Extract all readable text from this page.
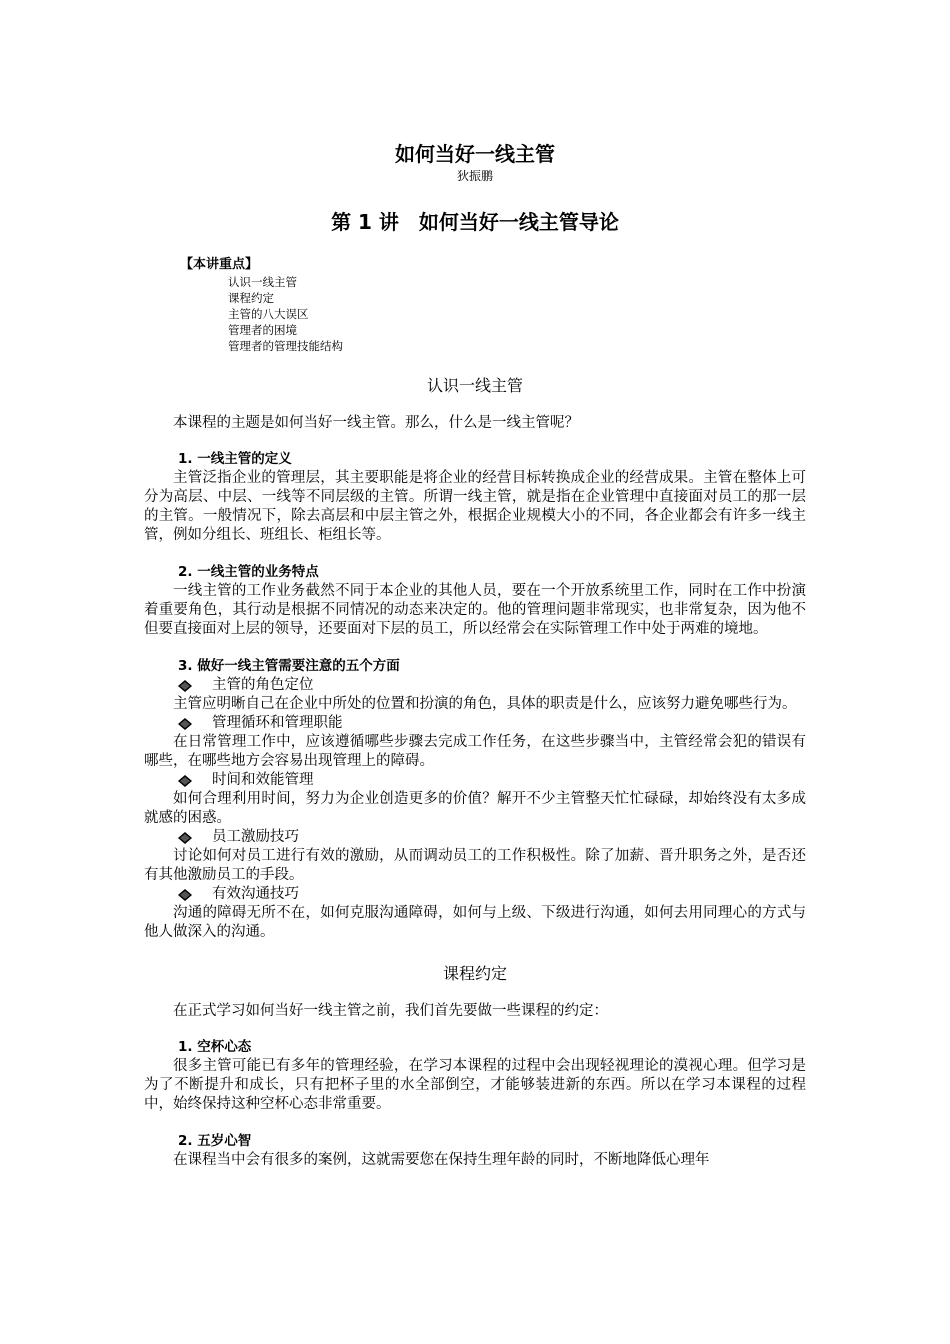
如何当好一线主管
狄振鹏
第 1 讲　如何当好一线主管导论
【本讲重点】
认识一线主管
课程约定
主管的八大误区
管理者的困境
管理者的管理技能结构
认识一线主管

本课程的主题是如何当好一线主管。那么，什么是一线主管呢？

1. 一线主管的定义

主管泛指企业的管理层，其主要职能是将企业的经营目标转换成企业的经营成果。主管在整体上可分为高层、中层、一线等不同层级的主管。所谓一线主管，就是指在企业管理中直接面对员工的那一层的主管。一般情况下，除去高层和中层主管之外，根据企业规模大小的不同，各企业都会有许多一线主管，例如分组长、班组长、柜组长等。

2. 一线主管的业务特点

一线主管的工作业务截然不同于本企业的其他人员，要在一个开放系统里工作，同时在工作中扮演着重要角色，其行动是根据不同情况的动态来决定的。他的管理问题非常现实，也非常复杂，因为他不但要直接面对上层的领导，还要面对下层的员工，所以经常会在实际管理工作中处于两难的境地。

3. 做好一线主管需要注意的五个方面
主管的角色定位

主管应明晰自己在企业中所处的位置和扮演的角色，具体的职责是什么，应该努力避免哪些行为。

管理循环和管理职能

在日常管理工作中，应该遵循哪些步骤去完成工作任务，在这些步骤当中，主管经常会犯的错误有哪些，在哪些地方会容易出现管理上的障碍。

时间和效能管理

如何合理利用时间，努力为企业创造更多的价值？解开不少主管整天忙忙碌碌，却始终没有太多成就感的困惑。

员工激励技巧

讨论如何对员工进行有效的激励，从而调动员工的工作积极性。除了加薪、晋升职务之外，是否还有其他激励员工的手段。

有效沟通技巧

沟通的障碍无所不在，如何克服沟通障碍，如何与上级、下级进行沟通，如何去用同理心的方式与他人做深入的沟通。

课程约定

在正式学习如何当好一线主管之前，我们首先要做一些课程的约定：

1. 空杯心态

很多主管可能已有多年的管理经验，在学习本课程的过程中会出现轻视理论的漠视心理。但学习是为了不断提升和成长，只有把杯子里的水全部倒空，才能够装进新的东西。所以在学习本课程的过程中，始终保持这种空杯心态非常重要。

2. 五岁心智

在课程当中会有很多的案例，这就需要您在保持生理年龄的同时，不断地降低心理年
